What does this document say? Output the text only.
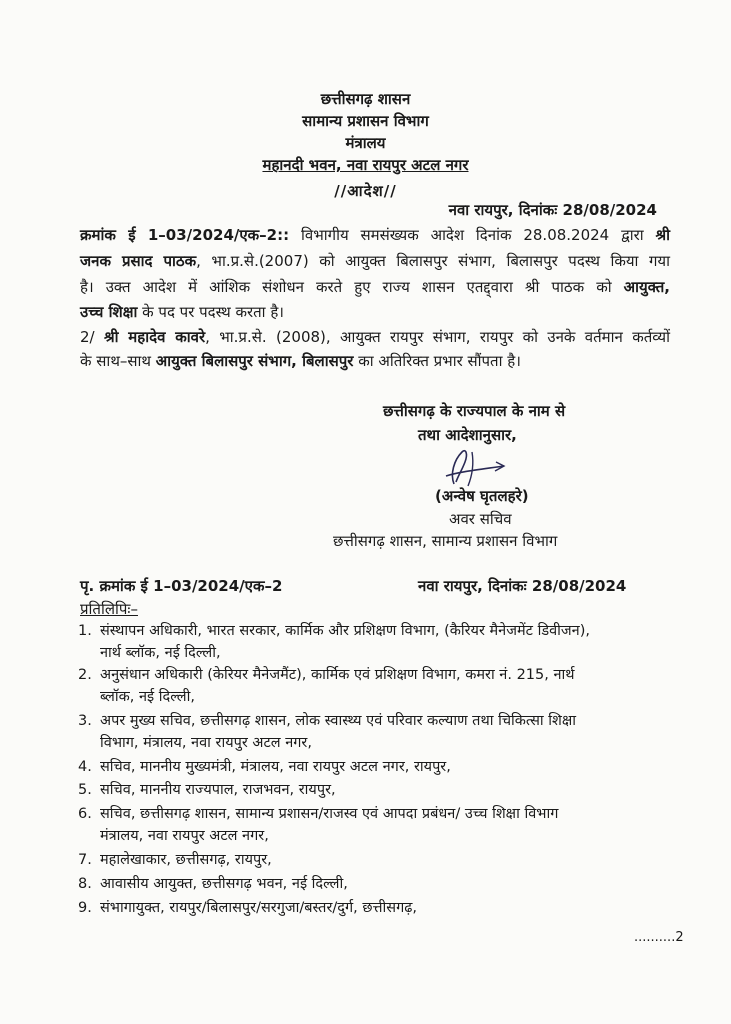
छत्तीसगढ़ शासन
सामान्य प्रशासन विभाग
मंत्रालय
महानदी भवन, नवा रायपुर अटल नगर
//आदेश//
नवा रायपुर, दिनांकः 28/08/2024
क्रमांक ई 1–03/2024/एक–2:: विभागीय समसंख्यक आदेश दिनांक 28.08.2024 द्वारा श्री
जनक प्रसाद पाठक, भा.प्र.से.(2007) को आयुक्त बिलासपुर संभाग, बिलासपुर पदस्थ किया गया
है। उक्त आदेश में आंशिक संशोधन करते हुए राज्य शासन एतद्द्वारा श्री पाठक को आयुक्त,
उच्च शिक्षा के पद पर पदस्थ करता है।
2/ श्री महादेव कावरे, भा.प्र.से. (2008), आयुक्त रायपुर संभाग, रायपुर को उनके वर्तमान कर्तव्यों
के साथ–साथ आयुक्त बिलासपुर संभाग, बिलासपुर का अतिरिक्त प्रभार सौंपता है।
छत्तीसगढ़ के राज्यपाल के नाम से
तथा आदेशानुसार,
(अन्वेष घृतलहरे)
अवर सचिव
छत्तीसगढ़ शासन, सामान्य प्रशासन विभाग
पृ. क्रमांक ई 1–03/2024/एक–2	नवा रायपुर, दिनांकः 28/08/2024
प्रतिलिपिः–
1. संस्थापन अधिकारी, भारत सरकार, कार्मिक और प्रशिक्षण विभाग, (कैरियर मैनेजमेंट डिवीजन),
नार्थ ब्लॉक, नई दिल्ली,
2. अनुसंधान अधिकारी (केरियर मैनेजमैंट), कार्मिक एवं प्रशिक्षण विभाग, कमरा नं. 215, नार्थ
ब्लॉक, नई दिल्ली,
3. अपर मुख्य सचिव, छत्तीसगढ़ शासन, लोक स्वास्थ्य एवं परिवार कल्याण तथा चिकित्सा शिक्षा
विभाग, मंत्रालय, नवा रायपुर अटल नगर,
4. सचिव, माननीय मुख्यमंत्री, मंत्रालय, नवा रायपुर अटल नगर, रायपुर,
5. सचिव, माननीय राज्यपाल, राजभवन, रायपुर,
6. सचिव, छत्तीसगढ़ शासन, सामान्य प्रशासन/राजस्व एवं आपदा प्रबंधन/ उच्च शिक्षा विभाग
मंत्रालय, नवा रायपुर अटल नगर,
7. महालेखाकार, छत्तीसगढ़, रायपुर,
8. आवासीय आयुक्त, छत्तीसगढ़ भवन, नई दिल्ली,
9. संभागायुक्त, रायपुर/बिलासपुर/सरगुजा/बस्तर/दुर्ग, छत्तीसगढ़,
..........2
